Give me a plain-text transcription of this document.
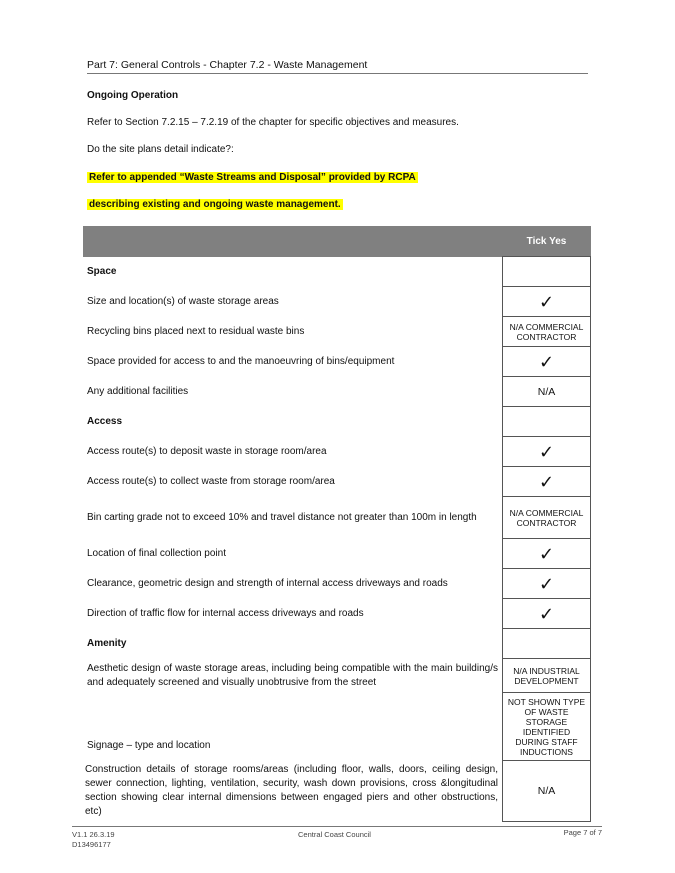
Part 7: General Controls - Chapter 7.2 - Waste Management
Ongoing Operation
Refer to Section 7.2.15 – 7.2.19 of the chapter for specific objectives and measures.
Do the site plans detail indicate?:
Refer to appended “Waste Streams and Disposal” provided by RCPA
describing existing and ongoing waste management.
	Tick Yes
Space	
Size and location(s) of waste storage areas	✓
Recycling bins placed next to residual waste bins	N/A COMMERCIAL CONTRACTOR
Space provided for access to and the manoeuvring of bins/equipment	✓
Any additional facilities	N/A
Access	
Access route(s) to deposit waste in storage room/area	✓
Access route(s) to collect waste from storage room/area	✓
Bin carting grade not to exceed 10% and travel distance not greater than 100m in length	N/A COMMERCIAL CONTRACTOR
Location of final collection point	✓
Clearance, geometric design and strength of internal access driveways and roads	✓
Direction of traffic flow for internal access driveways and roads	✓
Amenity	
Aesthetic design of waste storage areas, including being compatible with the main building/s and adequately screened and visually unobtrusive from the street	N/A INDUSTRIAL DEVELOPMENT
Signage – type and location	NOT SHOWN TYPE OF WASTE STORAGE IDENTIFIED DURING STAFF INDUCTIONS
Construction details of storage rooms/areas (including floor, walls, doors, ceiling design, sewer connection, lighting, ventilation, security, wash down provisions, cross &longitudinal section showing clear internal dimensions between engaged piers and other obstructions, etc)	N/A
V1.1 26.3.19
D13496177
Central Coast Council	Page 7 of 7
